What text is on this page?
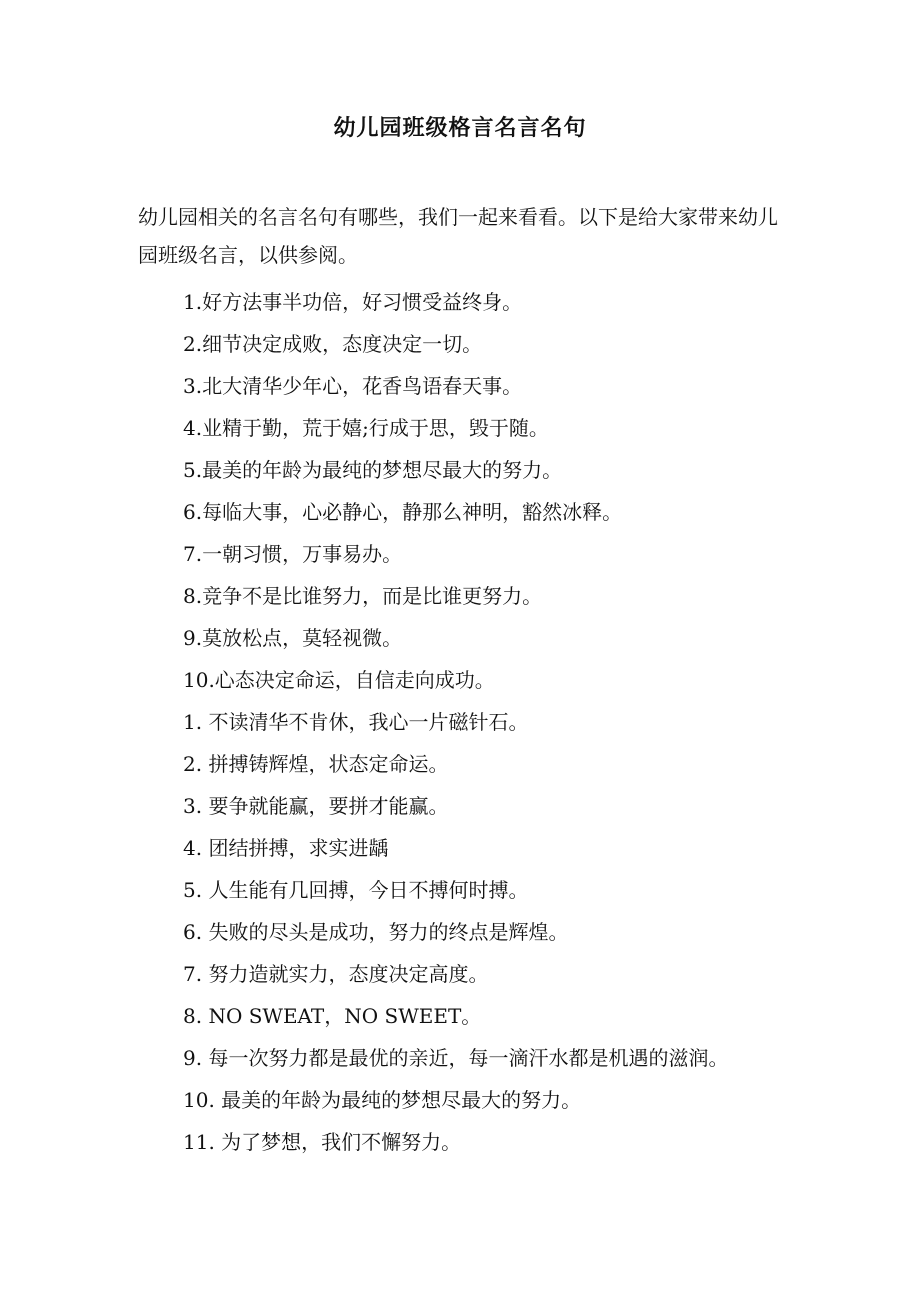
幼儿园班级格言名言名句

幼儿园相关的名言名句有哪些，我们一起来看看。以下是给大家带来幼儿园班级名言，以供参阅。

1.好方法事半功倍，好习惯受益终身。
2.细节决定成败，态度决定一切。
3.北大清华少年心，花香鸟语春天事。
4.业精于勤，荒于嬉;行成于思，毁于随。
5.最美的年龄为最纯的梦想尽最大的努力。
6.每临大事，心必静心，静那么神明，豁然冰释。
7.一朝习惯，万事易办。
8.竞争不是比谁努力，而是比谁更努力。
9.莫放松点，莫轻视微。
10.心态决定命运，自信走向成功。
1. 不读清华不肯休，我心一片磁针石。
2. 拼搏铸辉煌，状态定命运。
3. 要争就能赢，要拼才能赢。
4. 团结拼搏，求实进龋
5. 人生能有几回搏，今日不搏何时搏。
6. 失败的尽头是成功，努力的终点是辉煌。
7. 努力造就实力，态度决定高度。
8. NO SWEAT，NO SWEET。
9. 每一次努力都是最优的亲近，每一滴汗水都是机遇的滋润。
10. 最美的年龄为最纯的梦想尽最大的努力。
11. 为了梦想，我们不懈努力。
